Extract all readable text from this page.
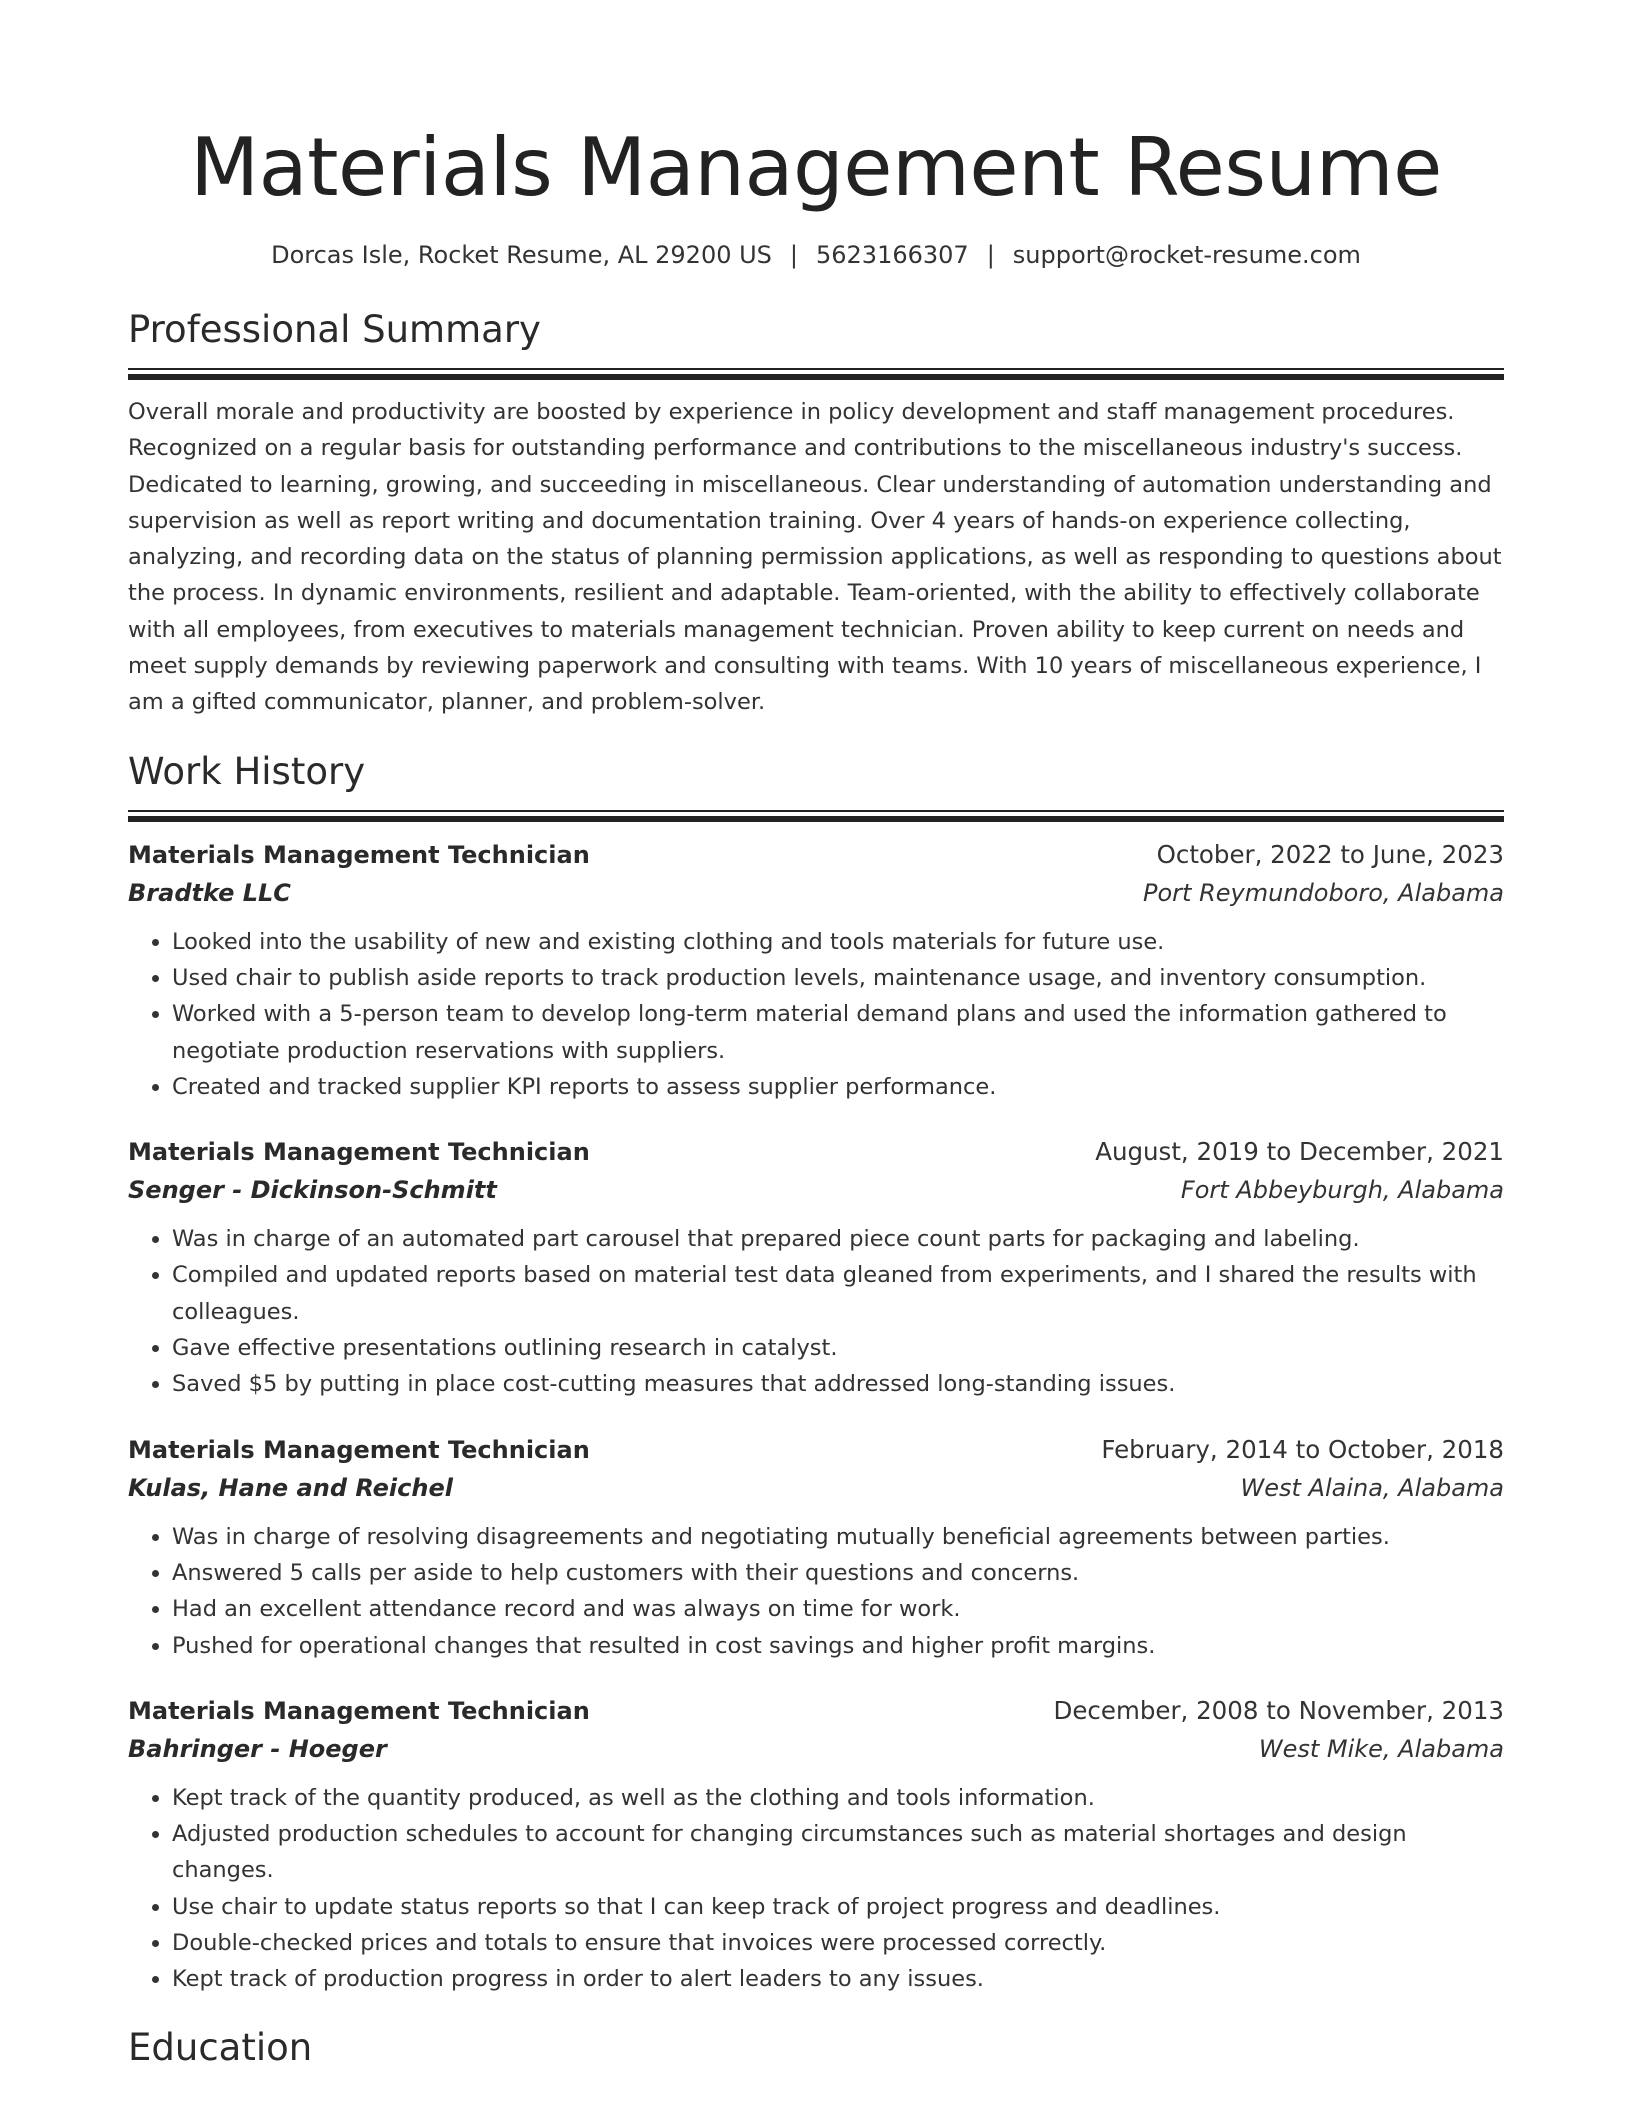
Materials Management Resume
Dorcas Isle, Rocket Resume, AL 29200 US | 5623166307 | support@rocket-resume.com
Professional Summary
Overall morale and productivity are boosted by experience in policy development and staff management procedures. Recognized on a regular basis for outstanding performance and contributions to the miscellaneous industry's success. Dedicated to learning, growing, and succeeding in miscellaneous. Clear understanding of automation understanding and supervision as well as report writing and documentation training. Over 4 years of hands-on experience collecting, analyzing, and recording data on the status of planning permission applications, as well as responding to questions about the process. In dynamic environments, resilient and adaptable. Team-oriented, with the ability to effectively collaborate with all employees, from executives to materials management technician. Proven ability to keep current on needs and meet supply demands by reviewing paperwork and consulting with teams. With 10 years of miscellaneous experience, I am a gifted communicator, planner, and problem-solver.
Work History
Materials Management Technician	October, 2022 to June, 2023
Bradtke LLC	Port Reymundoboro, Alabama
• Looked into the usability of new and existing clothing and tools materials for future use.
• Used chair to publish aside reports to track production levels, maintenance usage, and inventory consumption.
• Worked with a 5-person team to develop long-term material demand plans and used the information gathered to negotiate production reservations with suppliers.
• Created and tracked supplier KPI reports to assess supplier performance.
Materials Management Technician	August, 2019 to December, 2021
Senger - Dickinson-Schmitt	Fort Abbeyburgh, Alabama
• Was in charge of an automated part carousel that prepared piece count parts for packaging and labeling.
• Compiled and updated reports based on material test data gleaned from experiments, and I shared the results with colleagues.
• Gave effective presentations outlining research in catalyst.
• Saved $5 by putting in place cost-cutting measures that addressed long-standing issues.
Materials Management Technician	February, 2014 to October, 2018
Kulas, Hane and Reichel	West Alaina, Alabama
• Was in charge of resolving disagreements and negotiating mutually beneficial agreements between parties.
• Answered 5 calls per aside to help customers with their questions and concerns.
• Had an excellent attendance record and was always on time for work.
• Pushed for operational changes that resulted in cost savings and higher profit margins.
Materials Management Technician	December, 2008 to November, 2013
Bahringer - Hoeger	West Mike, Alabama
• Kept track of the quantity produced, as well as the clothing and tools information.
• Adjusted production schedules to account for changing circumstances such as material shortages and design changes.
• Use chair to update status reports so that I can keep track of project progress and deadlines.
• Double-checked prices and totals to ensure that invoices were processed correctly.
• Kept track of production progress in order to alert leaders to any issues.
Education
